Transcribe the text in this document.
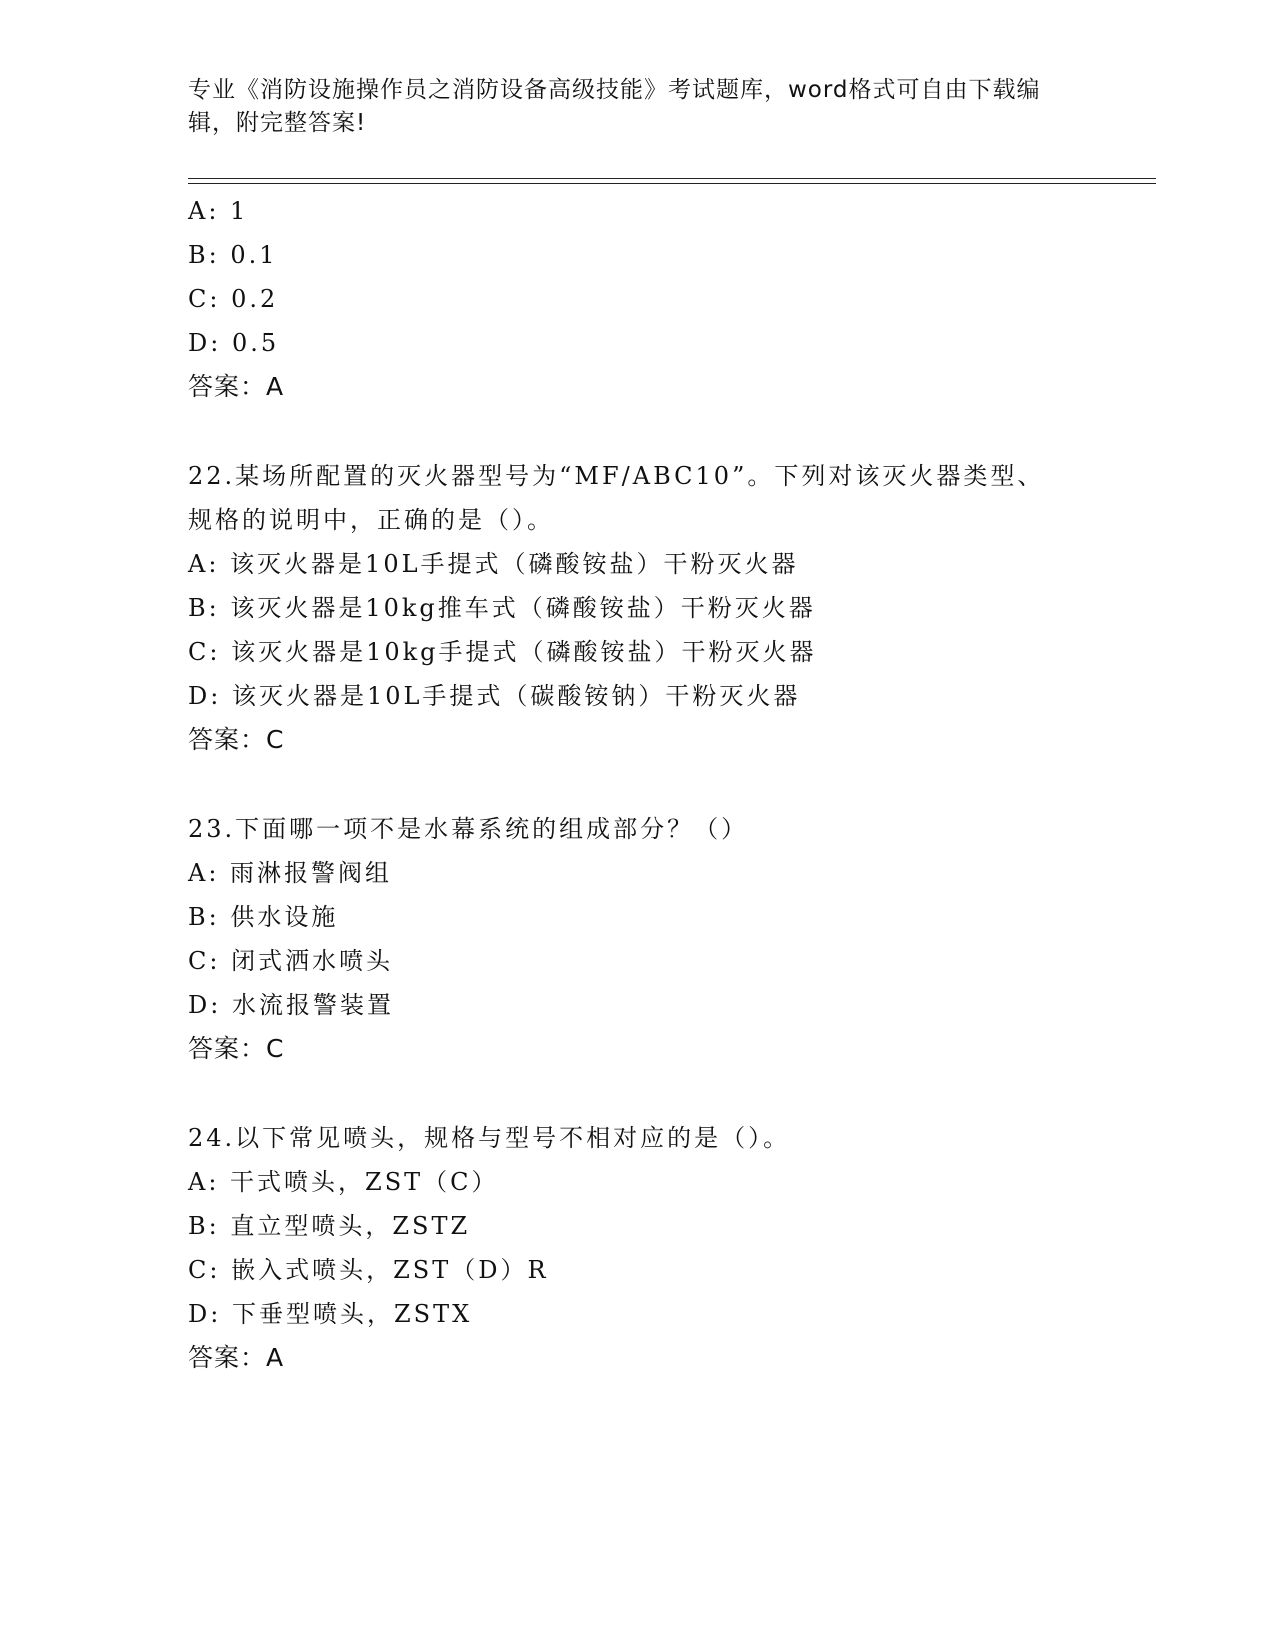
专业《消防设施操作员之消防设备高级技能》考试题库，word格式可自由下载编辑，附完整答案!
A: 1
B: 0.1
C: 0.2
D: 0.5
答案：A
22.某场所配置的灭火器型号为“MF/ABC10”。下列对该灭火器类型、
规格的说明中，正确的是（）。
A: 该灭火器是10L手提式（磷酸铵盐）干粉灭火器
B: 该灭火器是10kg推车式（磷酸铵盐）干粉灭火器
C: 该灭火器是10kg手提式（磷酸铵盐）干粉灭火器
D: 该灭火器是10L手提式（碳酸铵钠）干粉灭火器
答案：C
23.下面哪一项不是水幕系统的组成部分？（）
A: 雨淋报警阀组
B: 供水设施
C: 闭式洒水喷头
D: 水流报警装置
答案：C
24.以下常见喷头，规格与型号不相对应的是（）。
A: 干式喷头，ZST（C）
B: 直立型喷头，ZSTZ
C: 嵌入式喷头，ZST（D）R
D: 下垂型喷头，ZSTX
答案：A
